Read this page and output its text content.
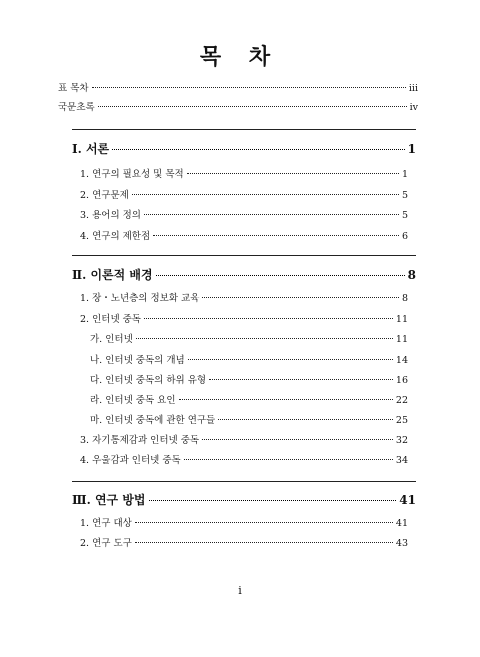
목 차
표 목차	iii
국문초록	iv
Ⅰ. 서론	1
1. 연구의 필요성 및 목적	1
2. 연구문제	5
3. 용어의 정의	5
4. 연구의 제한점	6
Ⅱ. 이론적 배경	8
1. 장・노년층의 정보화 교육	8
2. 인터넷 중독	11
가. 인터넷	11
나. 인터넷 중독의 개념	14
다. 인터넷 중독의 하위 유형	16
라. 인터넷 중독 요인	22
마. 인터넷 중독에 관한 연구들	25
3. 자기통제감과 인터넷 중독	32
4. 우울감과 인터넷 중독	34
Ⅲ. 연구 방법	41
1. 연구 대상	41
2. 연구 도구	43
i
